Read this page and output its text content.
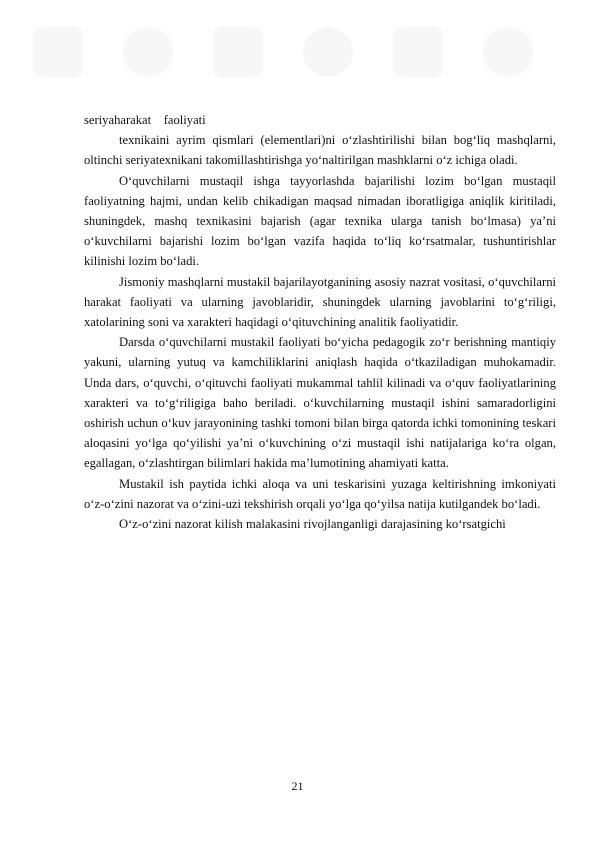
seriyaharakat    faoliyati

texnikaini ayrim qismlari (elementlari)ni o‘zlashtirilishi bilan bog‘liq mashqlarni, oltinchi seriyatexnikani takomillashtirishga yo‘naltirilgan mashklarni o‘z ichiga oladi.

O‘quvchilarni mustaqil ishga tayyorlashda bajarilishi lozim bo‘lgan mustaqil faoliyatning hajmi, undan kelib chikadigan maqsad nimadan iboratligiga aniqlik kiritiladi, shuningdek, mashq texnikasini bajarish (agar texnika ularga tanish bo‘lmasa) ya’ni o‘kuvchilarni bajarishi lozim bo‘lgan vazifa haqida to‘liq ko‘rsatmalar, tushuntirishlar kilinishi lozim bo‘ladi.

Jismoniy mashqlarni mustakil bajarilayotganining asosiy nazrat vositasi, o‘quvchilarni harakat faoliyati va ularning javoblaridir, shuningdek ularning javoblarini to‘g‘riligi, xatolarining soni va xarakteri haqidagi o‘qituvchining analitik faoliyatidir.

Darsda o‘quvchilarni mustakil faoliyati bo‘yicha pedagogik zo‘r berishning mantiqiy yakuni, ularning yutuq va kamchiliklarini aniqlash haqida o‘tkaziladigan muhokamadir. Unda dars, o‘quvchi, o‘qituvchi faoliyati mukammal tahlil kilinadi va o‘quv faoliyatlarining xarakteri va to‘g‘riligiga baho beriladi. o‘kuvchilarning mustaqil ishini samaradorligini oshirish uchun o‘kuv jarayonining tashki tomoni bilan birga qatorda ichki tomonining teskari aloqasini yo‘lga qo‘yilishi ya’ni o‘kuvchining o‘zi mustaqil ishi natijalariga ko‘ra olgan, egallagan, o‘zlashtirgan bilimlari hakida ma’lumotining ahamiyati katta.

Mustakil ish paytida ichki aloqa va uni teskarisini yuzaga keltirishning imkoniyati o‘z-o‘zini nazorat va o‘zini-uzi tekshirish orqali yo‘lga qo‘yilsa natija kutilgandek bo‘ladi.

O‘z-o‘zini nazorat kilish malakasini rivojlanganligi darajasining ko‘rsatgichi

21
